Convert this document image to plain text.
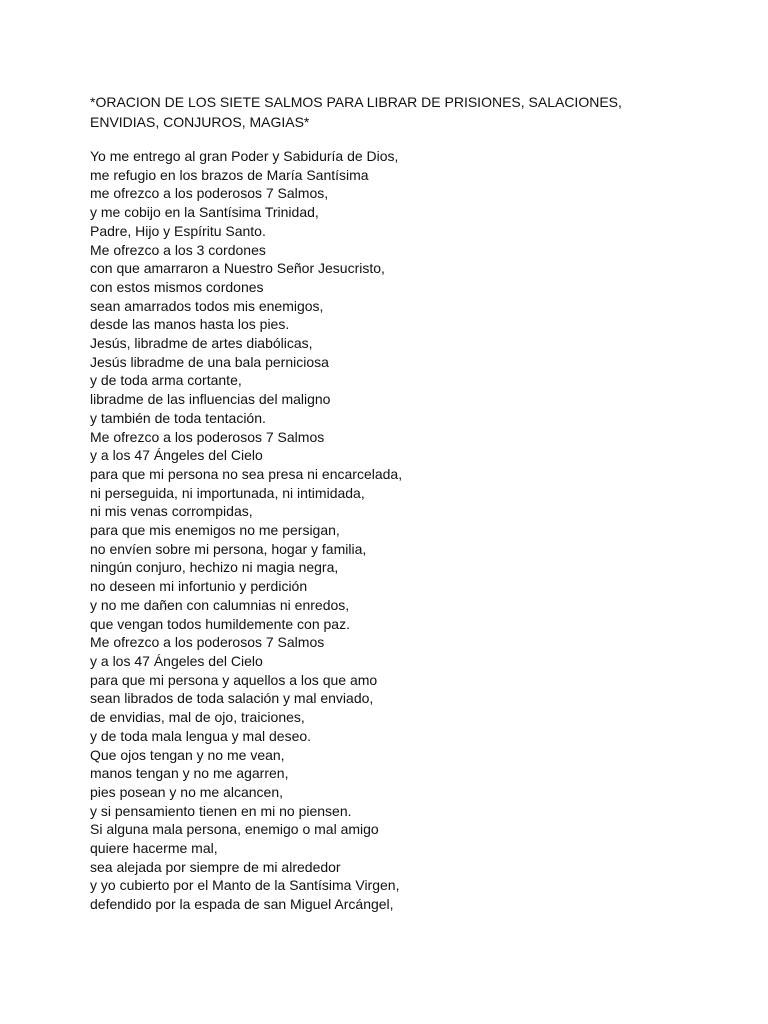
*ORACION DE LOS SIETE SALMOS PARA LIBRAR DE PRISIONES, SALACIONES,
ENVIDIAS, CONJUROS, MAGIAS*
Yo me entrego al gran Poder y Sabiduría de Dios,
me refugio en los brazos de María Santísima
me ofrezco a los poderosos 7 Salmos,
y me cobijo en la Santísima Trinidad,
Padre, Hijo y Espíritu Santo.
Me ofrezco a los 3 cordones
con que amarraron a Nuestro Señor Jesucristo,
con estos mismos cordones
sean amarrados todos mis enemigos,
desde las manos hasta los pies.
Jesús, libradme de artes diabólicas,
Jesús libradme de una bala perniciosa
y de toda arma cortante,
libradme de las influencias del maligno
y también de toda tentación.
Me ofrezco a los poderosos 7 Salmos
y a los 47 Ángeles del Cielo
para que mi persona no sea presa ni encarcelada,
ni perseguida, ni importunada, ni intimidada,
ni mis venas corrompidas,
para que mis enemigos no me persigan,
no envíen sobre mi persona, hogar y familia,
ningún conjuro, hechizo ni magia negra,
no deseen mi infortunio y perdición
y no me dañen con calumnias ni enredos,
que vengan todos humildemente con paz.
Me ofrezco a los poderosos 7 Salmos
y a los 47 Ángeles del Cielo
para que mi persona y aquellos a los que amo
sean librados de toda salación y mal enviado,
de envidias, mal de ojo, traiciones,
y de toda mala lengua y mal deseo.
Que ojos tengan y no me vean,
manos tengan y no me agarren,
pies posean y no me alcancen,
y si pensamiento tienen en mi no piensen.
Si alguna mala persona, enemigo o mal amigo
quiere hacerme mal,
sea alejada por siempre de mi alrededor
y yo cubierto por el Manto de la Santísima Virgen,
defendido por la espada de san Miguel Arcángel,
